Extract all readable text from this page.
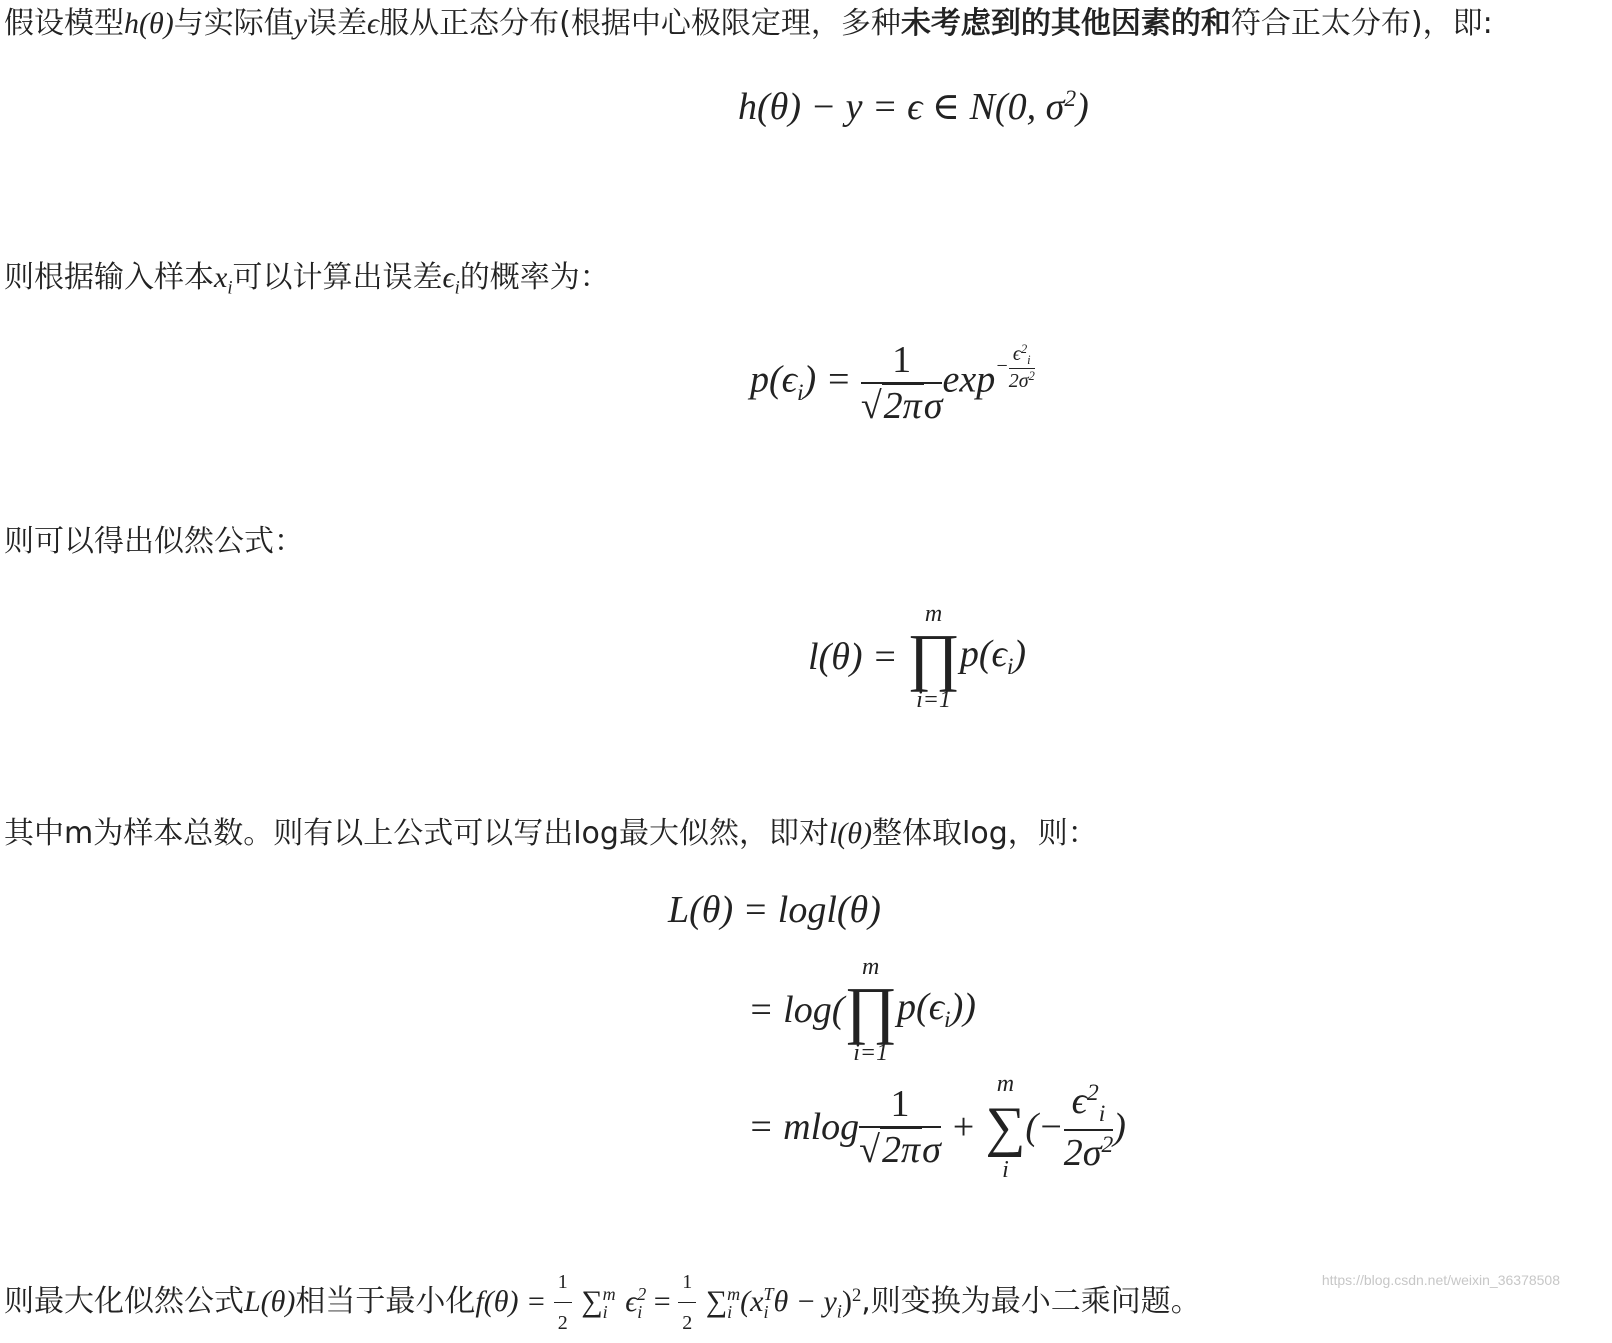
假设模型h(θ)与实际值y误差ϵ服从正态分布(根据中心极限定理，多种未考虑到的其他因素的和符合正太分布)，即:
h(θ) − y = ϵ ∈ N(0, $\sigma^2$)
则根据输入样本$x_i$可以计算出误差$\epsilon_i$的概率为：
$p(\epsilon_i) = \frac{1}{√2\pi\sigma} \exp- \frac{\epsilon^2_i}{2\sigma^2}$
则可以得出似然公式：
l(θ) =
m
∏
i=1
$p(\epsilon_i)$
其中m为样本总数。则有以上公式可以写出log最大似然，即对l(θ)整体取log，则：
L(θ) = logl(θ)
= log(
m
∏
i=1
$p(\epsilon_i)$)
= mlog $\frac{1}{√2\pi\sigma}$ +
m
∑
i
(− $\frac{\epsilon^2_i}{2\sigma^2}$ )
则最大化似然公式L(θ)相当于最小化$f(\theta) = \frac{1}{2}$ ∑ m
i ϵ 2
$i = \frac{1}{2}$ ∑ m
i (x T
i $\theta - y_i)^2$,则变换为最小二乘问题。
https://blog.csdn.net/weixin_36378508
